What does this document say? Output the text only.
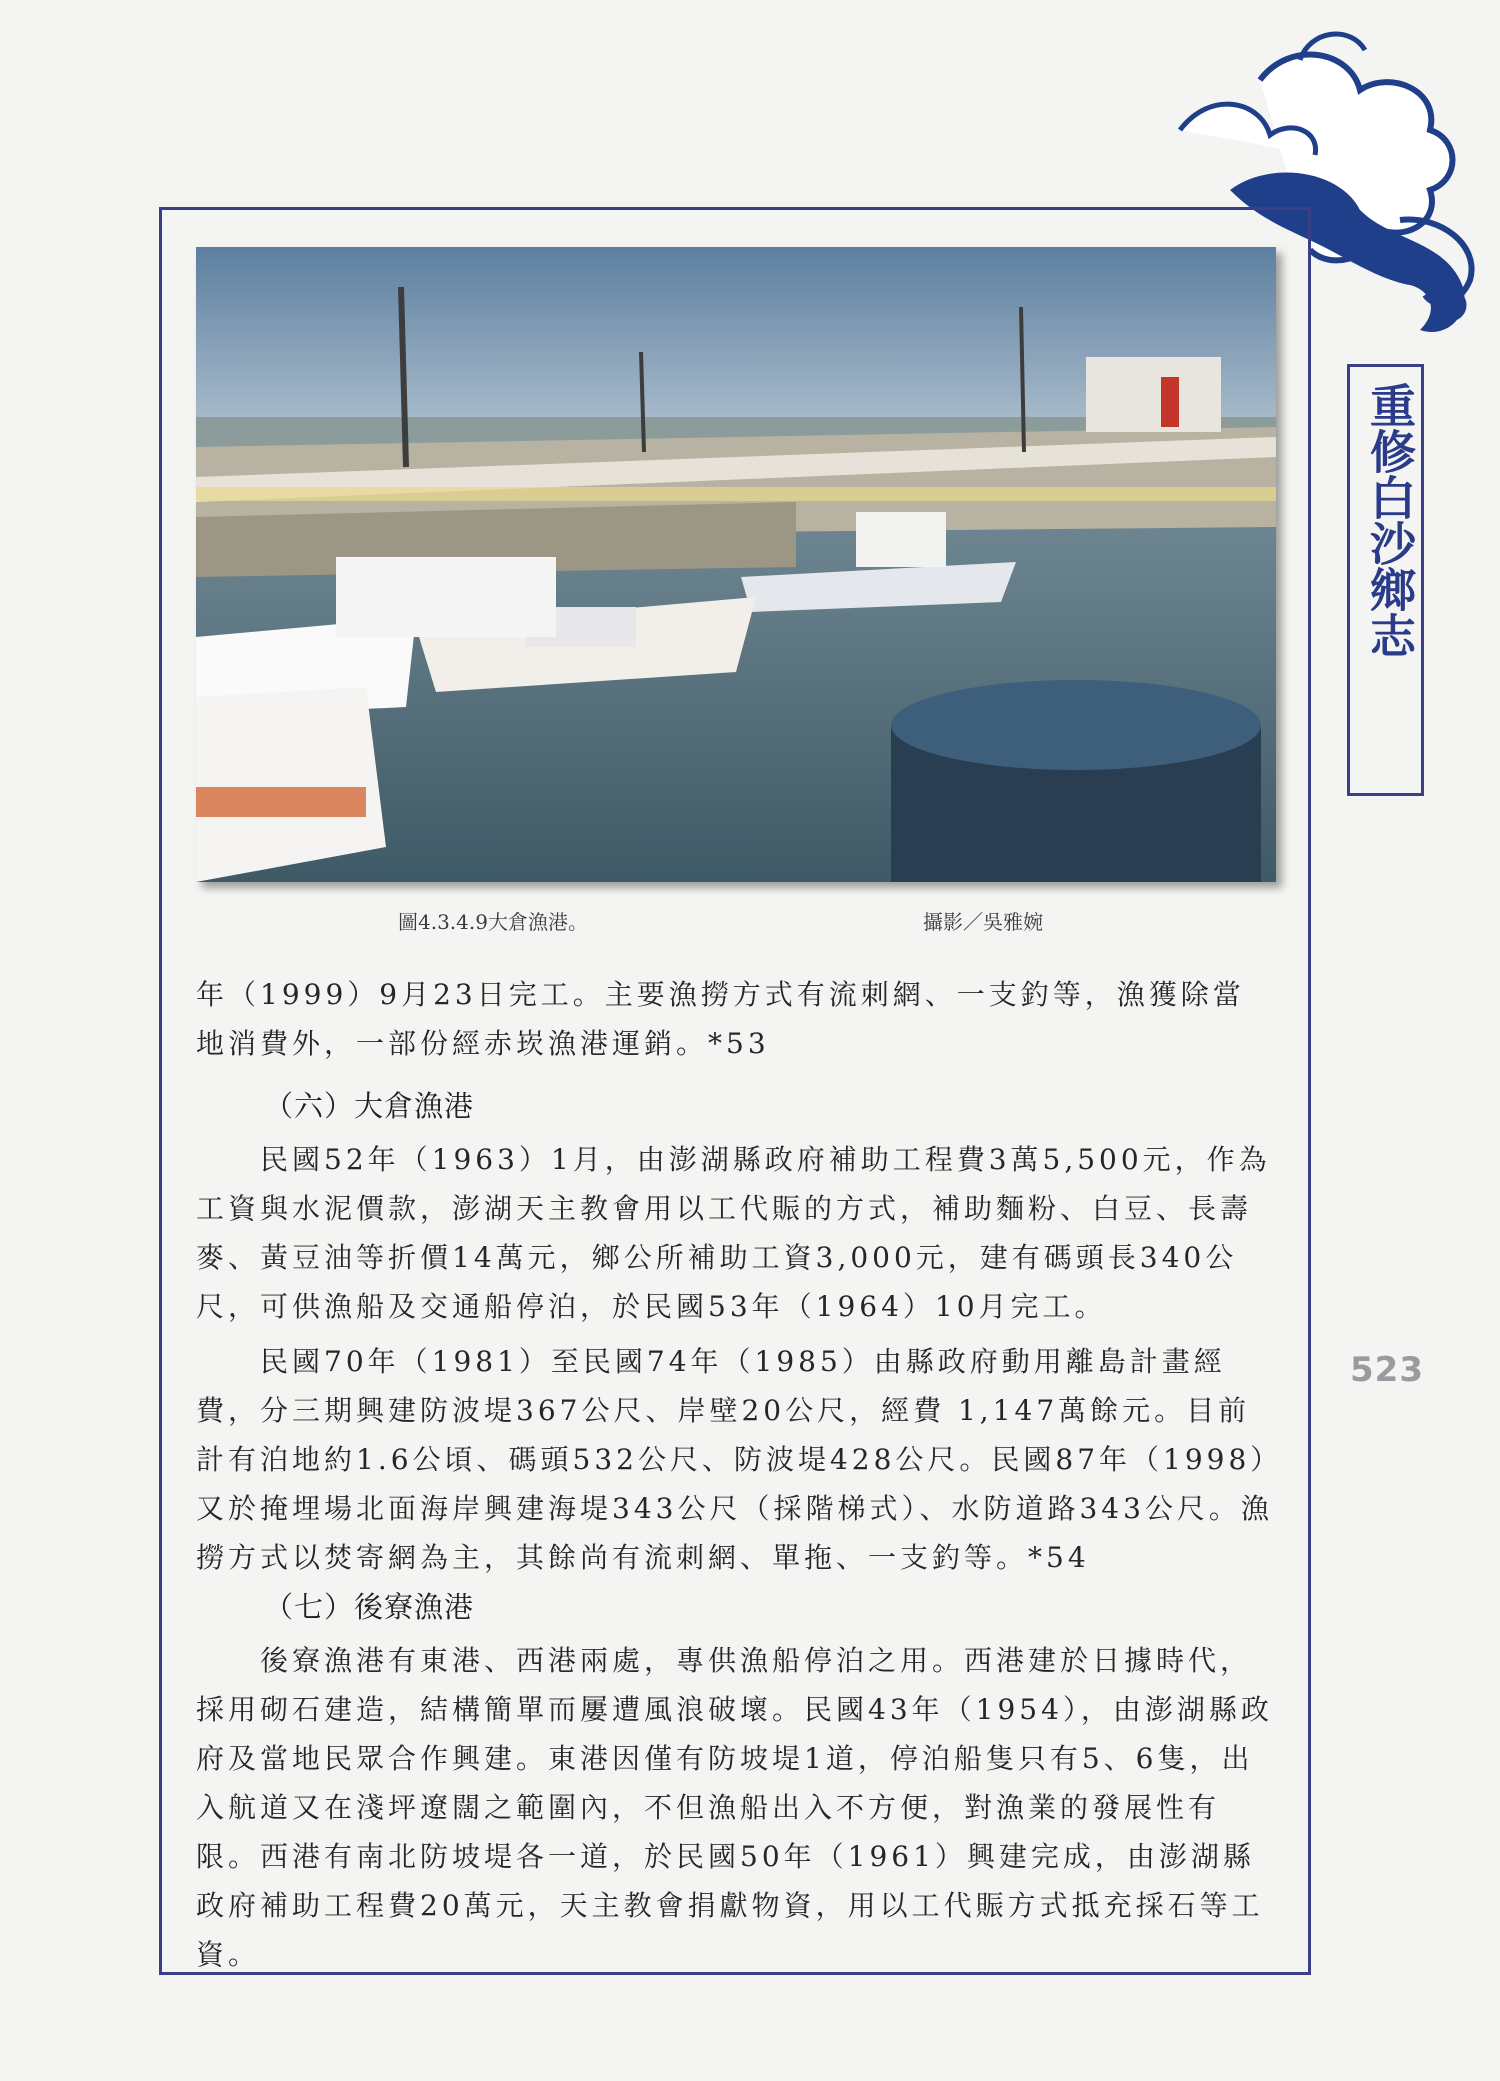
圖4.3.4.9大倉漁港。	攝影／吳雅婉

年（1999）9月23日完工。主要漁撈方式有流刺網、一支釣等，漁獲除當地消費外，一部份經赤崁漁港運銷。*53

（六）大倉漁港

民國52年（1963）1月，由澎湖縣政府補助工程費3萬5,500元，作為工資與水泥價款，澎湖天主教會用以工代賑的方式，補助麵粉、白豆、長壽麥、黃豆油等折價14萬元，鄉公所補助工資3,000元，建有碼頭長340公尺，可供漁船及交通船停泊，於民國53年（1964）10月完工。

民國70年（1981）至民國74年（1985）由縣政府動用離島計畫經費，分三期興建防波堤367公尺、岸壁20公尺，經費 1,147萬餘元。目前計有泊地約1.6公頃、碼頭532公尺、防波堤428公尺。民國87年（1998）又於掩埋場北面海岸興建海堤343公尺（採階梯式）、水防道路343公尺。漁撈方式以焚寄網為主，其餘尚有流刺網、單拖、一支釣等。*54

（七）後寮漁港

後寮漁港有東港、西港兩處，專供漁船停泊之用。西港建於日據時代，採用砌石建造，結構簡單而屢遭風浪破壞。民國43年（1954），由澎湖縣政府及當地民眾合作興建。東港因僅有防坡堤1道，停泊船隻只有5、6隻，出入航道又在淺坪遼闊之範圍內，不但漁船出入不方便，對漁業的發展性有限。西港有南北防坡堤各一道，於民國50年（1961）興建完成，由澎湖縣政府補助工程費20萬元，天主教會捐獻物資，用以工代賑方式抵充採石等工資。

重修白沙鄉志
523
